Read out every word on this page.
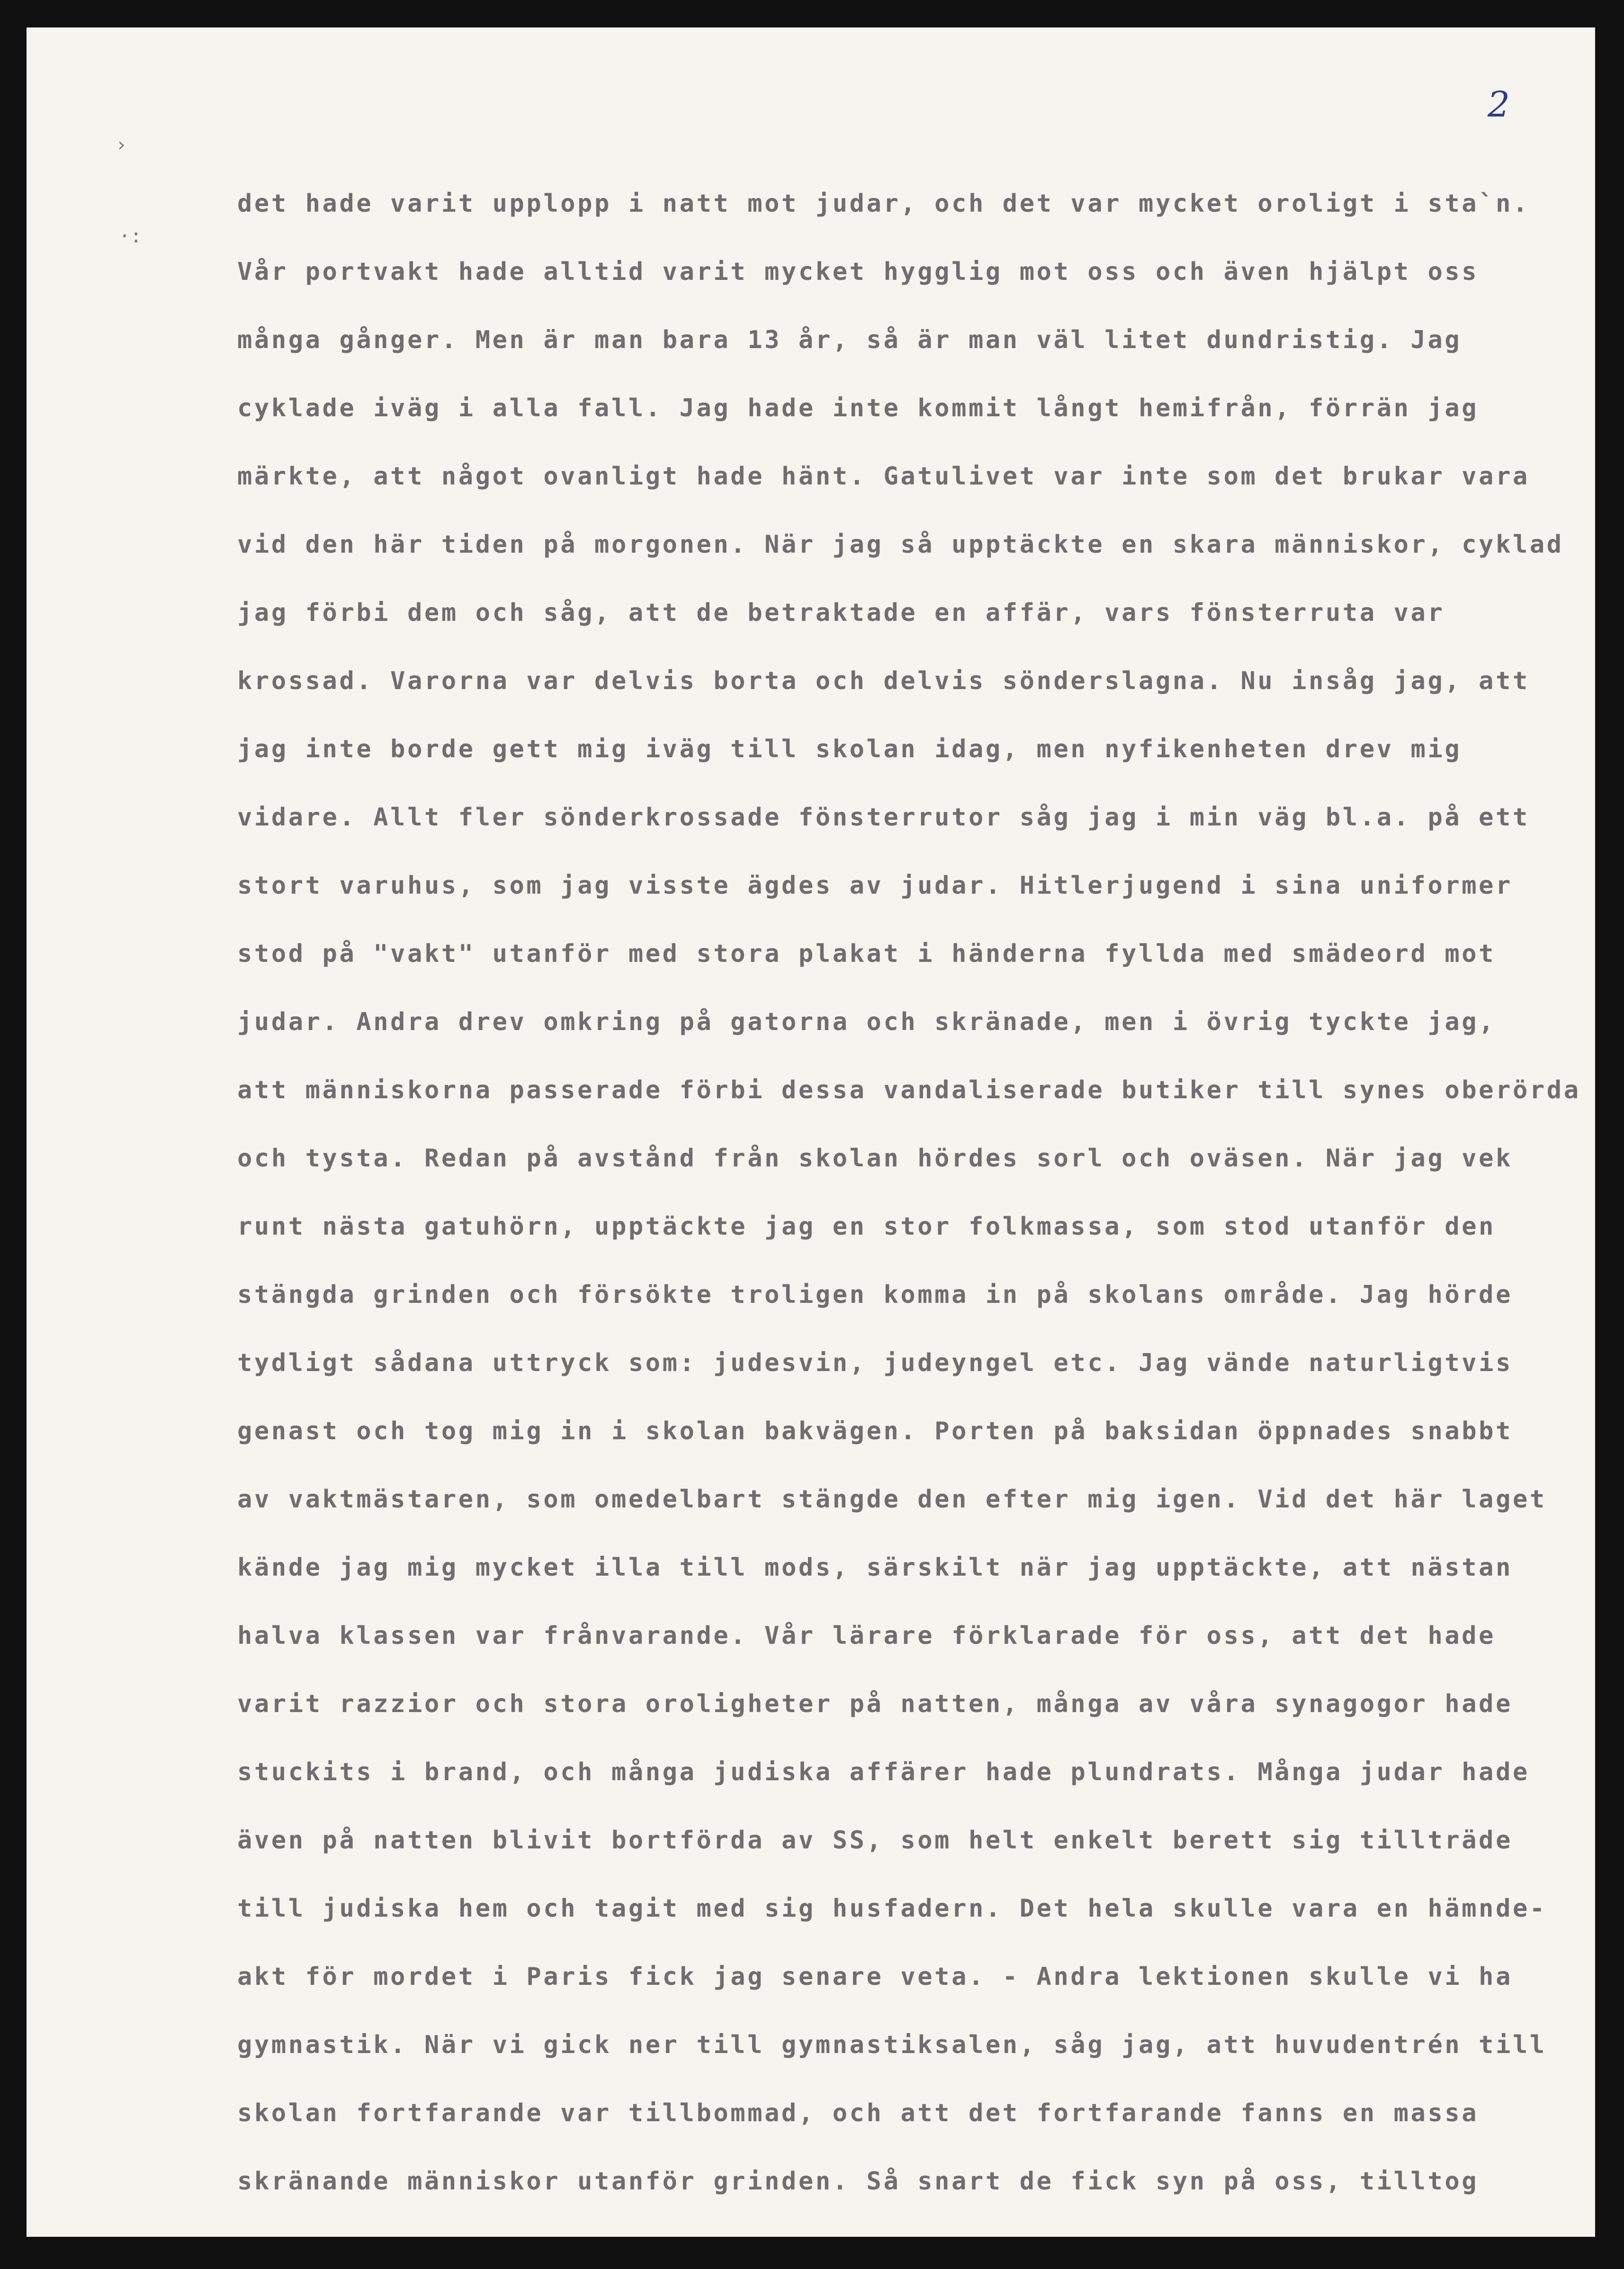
2
›
·:
det hade varit upplopp i natt mot judar, och det var mycket oroligt i sta`n.
Vår portvakt hade alltid varit mycket hygglig mot oss och även hjälpt oss
många gånger. Men är man bara 13 år, så är man väl litet dundristig. Jag
cyklade iväg i alla fall. Jag hade inte kommit långt hemifrån, förrän jag
märkte, att något ovanligt hade hänt. Gatulivet var inte som det brukar vara
vid den här tiden på morgonen. När jag så upptäckte en skara människor, cyklad
jag förbi dem och såg, att de betraktade en affär, vars fönsterruta var
krossad. Varorna var delvis borta och delvis sönderslagna. Nu insåg jag, att
jag inte borde gett mig iväg till skolan idag, men nyfikenheten drev mig
vidare. Allt fler sönderkrossade fönsterrutor såg jag i min väg bl.a. på ett
stort varuhus, som jag visste ägdes av judar. Hitlerjugend i sina uniformer
stod på "vakt" utanför med stora plakat i händerna fyllda med smädeord mot
judar. Andra drev omkring på gatorna och skränade, men i övrig tyckte jag,
att människorna passerade förbi dessa vandaliserade butiker till synes oberörda
och tysta. Redan på avstånd från skolan hördes sorl och oväsen. När jag vek
runt nästa gatuhörn, upptäckte jag en stor folkmassa, som stod utanför den
stängda grinden och försökte troligen komma in på skolans område. Jag hörde
tydligt sådana uttryck som: judesvin, judeyngel etc. Jag vände naturligtvis
genast och tog mig in i skolan bakvägen. Porten på baksidan öppnades snabbt
av vaktmästaren, som omedelbart stängde den efter mig igen. Vid det här laget
kände jag mig mycket illa till mods, särskilt när jag upptäckte, att nästan
halva klassen var frånvarande. Vår lärare förklarade för oss, att det hade
varit razzior och stora oroligheter på natten, många av våra synagogor hade
stuckits i brand, och många judiska affärer hade plundrats. Många judar hade
även på natten blivit bortförda av SS, som helt enkelt berett sig tillträde
till judiska hem och tagit med sig husfadern. Det hela skulle vara en hämnde-
akt för mordet i Paris fick jag senare veta. - Andra lektionen skulle vi ha
gymnastik. När vi gick ner till gymnastiksalen, såg jag, att huvudentrén till
skolan fortfarande var tillbommad, och att det fortfarande fanns en massa
skränande människor utanför grinden. Så snart de fick syn på oss, tilltog
